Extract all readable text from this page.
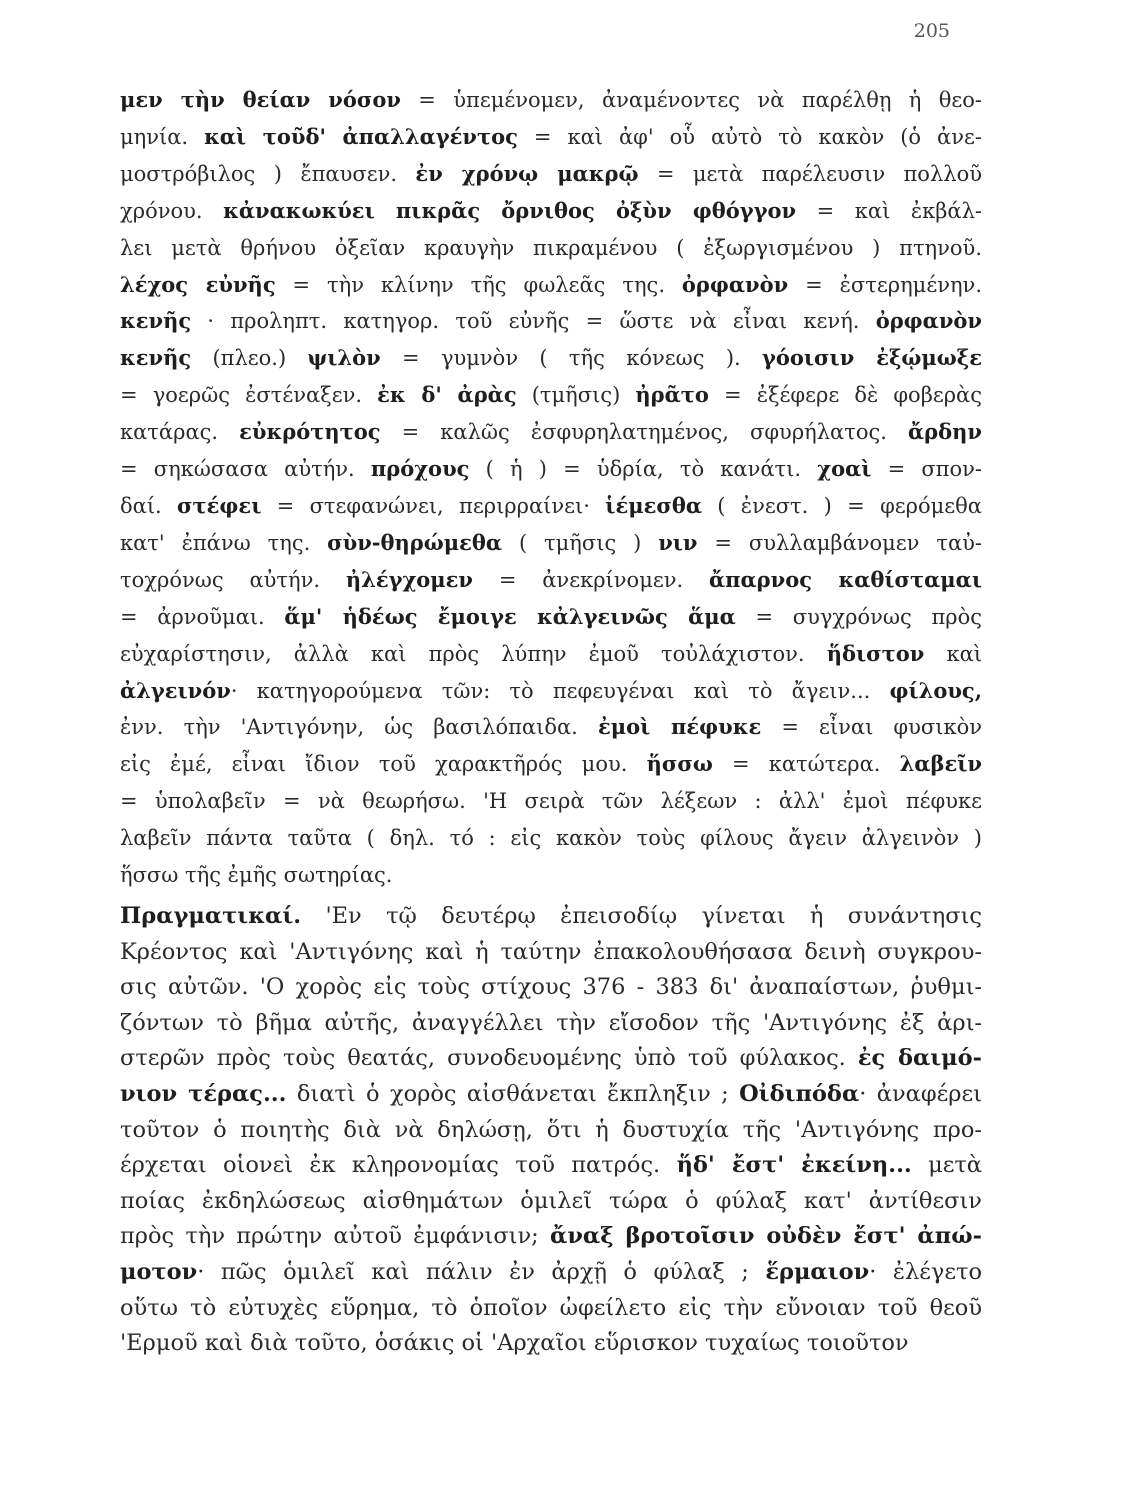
205
μεν τὴν θείαν νόσον = ὑπεμένομεν, ἀναμένοντες νὰ παρέλθῃ ἡ θεο-
μηνία. καὶ τοῦδ' ἀπαλλαγέντος = καὶ ἀφ' οὗ αὐτὸ τὸ κακὸν (ὁ ἀνε-
μοστρόβιλος ) ἔπαυσεν. ἐν χρόνῳ μακρῷ = μετὰ παρέλευσιν πολλοῦ
χρόνου. κἀνακωκύει πικρᾶς ὄρνιθος ὀξὺν φθόγγον = καὶ ἐκβάλ-
λει μετὰ θρήνου ὀξεῖαν κραυγὴν πικραμένου ( ἐξωργισμένου ) πτηνοῦ.
λέχος εὐνῆς = τὴν κλίνην τῆς φωλεᾶς της. ὀρφανὸν = ἐστερημένην.
κενῆς · προληπτ. κατηγορ. τοῦ εὐνῆς = ὥστε νὰ εἶναι κενή. ὀρφανὸν
κενῆς (πλεο.) ψιλὸν = γυμνὸν ( τῆς κόνεως ). γόοισιν ἐξῴμωξε
= γοερῶς ἐστέναξεν. ἐκ δ' ἀρὰς (τμῆσις) ἠρᾶτο = ἐξέφερε δὲ φοβερὰς
κατάρας. εὐκρότητος = καλῶς ἐσφυρηλατημένος, σφυρήλατος. ἄρδην
= σηκώσασα αὐτήν. πρόχους ( ἡ ) = ὑδρία, τὸ κανάτι. χοαὶ = σπον-
δαί. στέφει = στεφανώνει, περιρραίνει· ἱέμεσθα ( ἐνεστ. ) = φερόμεθα
κατ' ἐπάνω της. σὺν-θηρώμεθα ( τμῆσις ) νιν = συλλαμβάνομεν ταὐ-
τοχρόνως αὐτήν. ἠλέγχομεν = ἀνεκρίνομεν. ἄπαρνος καθίσταμαι
= ἀρνοῦμαι. ἅμ' ἡδέως ἔμοιγε κἀλγεινῶς ἅμα = συγχρόνως πρὸς
εὐχαρίστησιν, ἀλλὰ καὶ πρὸς λύπην ἐμοῦ τοὐλάχιστον. ἥδιστον καὶ
ἀλγεινόν· κατηγορούμενα τῶν: τὸ πεφευγέναι καὶ τὸ ἄγειν... φίλους,
ἐνν. τὴν 'Αντιγόνην, ὡς βασιλόπαιδα. ἐμοὶ πέφυκε = εἶναι φυσικὸν
εἰς ἐμέ, εἶναι ἴδιον τοῦ χαρακτῆρός μου. ἥσσω = κατώτερα. λαβεῖν
= ὑπολαβεῖν = νὰ θεωρήσω. 'Η σειρὰ τῶν λέξεων : ἀλλ' ἐμοὶ πέφυκε
λαβεῖν πάντα ταῦτα ( δηλ. τό : εἰς κακὸν τοὺς φίλους ἄγειν ἀλγεινὸν )
ἥσσω τῆς ἐμῆς σωτηρίας.
Πραγματικαί. 'Εν τῷ δευτέρῳ ἐπεισοδίῳ γίνεται ἡ συνάντησις
Κρέοντος καὶ 'Αντιγόνης καὶ ἡ ταύτην ἐπακολουθήσασα δεινὴ συγκρου-
σις αὐτῶν. 'Ο χορὸς εἰς τοὺς στίχους 376 - 383 δι' ἀναπαίστων, ῥυθμι-
ζόντων τὸ βῆμα αὐτῆς, ἀναγγέλλει τὴν εἴσοδον τῆς 'Αντιγόνης ἐξ ἀρι-
στερῶν πρὸς τοὺς θεατάς, συνοδευομένης ὑπὸ τοῦ φύλακος. ἐς δαιμό-
νιον τέρας... διατὶ ὁ χορὸς αἰσθάνεται ἔκπληξιν ; Οἰδιπόδα· ἀναφέρει
τοῦτον ὁ ποιητὴς διὰ νὰ δηλώσῃ, ὅτι ἡ δυστυχία τῆς 'Αντιγόνης προ-
έρχεται οἱονεὶ ἐκ κληρονομίας τοῦ πατρός. ἥδ' ἔστ' ἐκείνη... μετὰ
ποίας ἐκδηλώσεως αἰσθημάτων ὁμιλεῖ τώρα ὁ φύλαξ κατ' ἀντίθεσιν
πρὸς τὴν πρώτην αὐτοῦ ἐμφάνισιν; ἄναξ βροτοῖσιν οὐδὲν ἔστ' ἀπώ-
μοτον· πῶς ὁμιλεῖ καὶ πάλιν ἐν ἀρχῇ ὁ φύλαξ ; ἕρμαιον· ἐλέγετο
οὕτω τὸ εὐτυχὲς εὕρημα, τὸ ὁποῖον ὠφείλετο εἰς τὴν εὔνοιαν τοῦ θεοῦ
'Ερμοῦ καὶ διὰ τοῦτο, ὁσάκις οἱ 'Αρχαῖοι εὕρισκον τυχαίως τοιοῦτον
